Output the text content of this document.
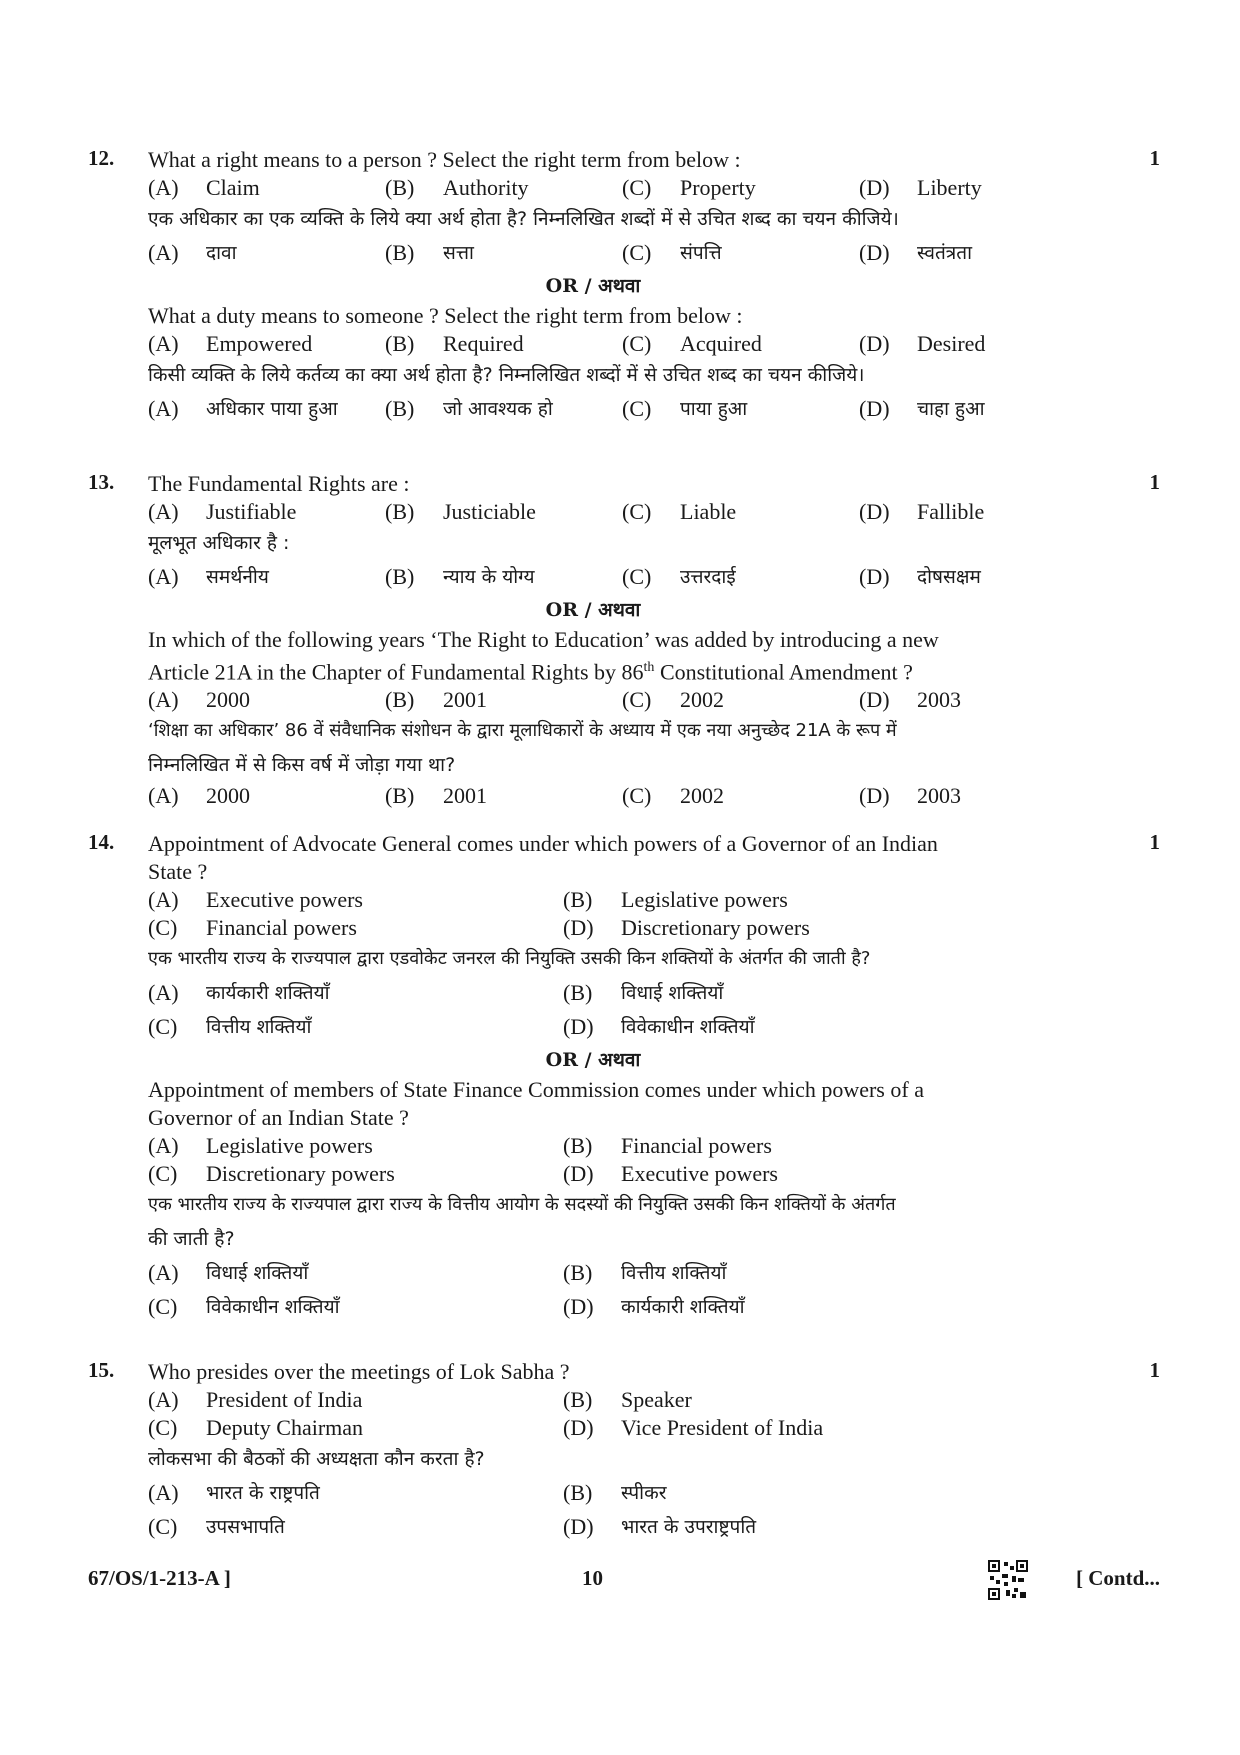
12.	1
What a right means to a person ? Select the right term from below :
(A)	Claim	(B)	Authority	(C)	Property	(D)	Liberty
एक अधिकार का एक व्यक्ति के लिये क्या अर्थ होता है? निम्नलिखित शब्दों में से उचित शब्द का चयन कीजिये।
(A)	दावा	(B)	सत्ता	(C)	संपत्ति	(D)	स्वतंत्रता
OR / अथवा
What a duty means to someone ? Select the right term from below :
(A)	Empowered	(B)	Required	(C)	Acquired	(D)	Desired
किसी व्यक्ति के लिये कर्तव्य का क्या अर्थ होता है? निम्नलिखित शब्दों में से उचित शब्द का चयन कीजिये।
(A)	अधिकार पाया हुआ (B)	जो आवश्यक हो	(C)	पाया हुआ	(D)	चाहा हुआ
13.	1
The Fundamental Rights are :
(A)	Justifiable	(B)	Justiciable	(C)	Liable	(D)	Fallible
मूलभूत अधिकार है :
(A)	समर्थनीय	(B)	न्याय के योग्य	(C)	उत्तरदाई	(D)	दोषसक्षम
OR / अथवा
In which of the following years ‘The Right to Education’ was added by introducing a new
Article 21A in the Chapter of Fundamental Rights by 86th Constitutional Amendment ?
(A)	2000	(B)	2001	(C)	2002	(D)	2003
‘शिक्षा का अधिकार’ 86 वें संवैधानिक संशोधन के द्वारा मूलाधिकारों के अध्याय में एक नया अनुच्छेद 21A के रूप में
निम्नलिखित में से किस वर्ष में जोड़ा गया था?
(A)	2000	(B)	2001	(C)	2002	(D)	2003
14.	1
Appointment of Advocate General comes under which powers of a Governor of an Indian
State ?
(A)	Executive powers	(B)	Legislative powers
(C)	Financial powers	(D)	Discretionary powers
एक भारतीय राज्य के राज्यपाल द्वारा एडवोकेट जनरल की नियुक्ति उसकी किन शक्तियों के अंतर्गत की जाती है?
(A)	कार्यकारी शक्तियाँ	(B)	विधाई शक्तियाँ
(C)	वित्तीय शक्तियाँ	(D)	विवेकाधीन शक्तियाँ
OR / अथवा
Appointment of members of State Finance Commission comes under which powers of a
Governor of an Indian State ?
(A)	Legislative powers	(B)	Financial powers
(C)	Discretionary powers	(D)	Executive powers
एक भारतीय राज्य के राज्यपाल द्वारा राज्य के वित्तीय आयोग के सदस्यों की नियुक्ति उसकी किन शक्तियों के अंतर्गत
की जाती है?
(A)	विधाई शक्तियाँ	(B)	वित्तीय शक्तियाँ
(C)	विवेकाधीन शक्तियाँ	(D)	कार्यकारी शक्तियाँ
15.	1
Who presides over the meetings of Lok Sabha ?
(A)	President of India	(B)	Speaker
(C)	Deputy Chairman	(D)	Vice President of India
लोकसभा की बैठकों की अध्यक्षता कौन करता है?
(A)	भारत के राष्ट्रपति	(B)	स्पीकर
(C)	उपसभापति	(D)	भारत के उपराष्ट्रपति
67/OS/1-213-A ]	10	[ Contd...
